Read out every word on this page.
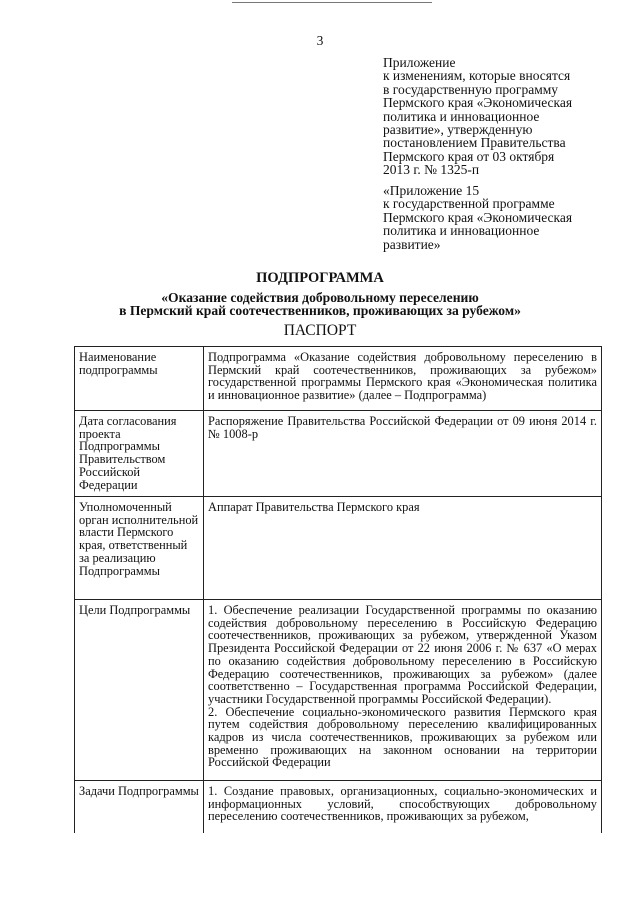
3
Приложение
к изменениям, которые вносятся
в государственную программу
Пермского края «Экономическая
политика и инновационное
развитие», утвержденную
постановлением Правительства
Пермского края от 03 октября
2013 г. № 1325-п
«Приложение 15
к государственной программе
Пермского края «Экономическая
политика и инновационное
развитие»
ПОДПРОГРАММА
«Оказание содействия добровольному переселению
в Пермский край соотечественников, проживающих за рубежом»
ПАСПОРТ
Наименование подпрограммы	Подпрограмма «Оказание содействия добровольному переселению в Пермский край соотечественников, проживающих за рубежом» государственной программы Пермского края «Экономическая политика и инновационное развитие» (далее – Подпрограмма)

Дата согласования проекта Подпрограммы Правительством Российской Федерации	Распоряжение Правительства Российской Федерации от 09 июня 2014 г. № 1008-р

Уполномоченный орган исполнительной власти Пермского края, ответственный за реализацию Подпрограммы	Аппарат Правительства Пермского края

Цели Подпрограммы	1. Обеспечение реализации Государственной программы по оказанию содействия добровольному переселению в Российскую Федерацию соотечественников, проживающих за рубежом, утвержденной Указом Президента Российской Федерации от 22 июня 2006 г. № 637 «О мерах по оказанию содействия добровольному переселению в Российскую Федерацию соотечественников, проживающих за рубежом» (далее соответственно – Государственная программа Российской Федерации, участники Государственной программы Российской Федерации).

2. Обеспечение социально-экономического развития Пермского края путем содействия добровольному переселению квалифицированных кадров из числа соотечественников, проживающих за рубежом или временно проживающих на законном основании на территории Российской Федерации

Задачи Подпрограммы	1. Создание правовых, организационных, социально-экономических и информационных условий, способствующих добровольному переселению соотечественников, проживающих за рубежом,
